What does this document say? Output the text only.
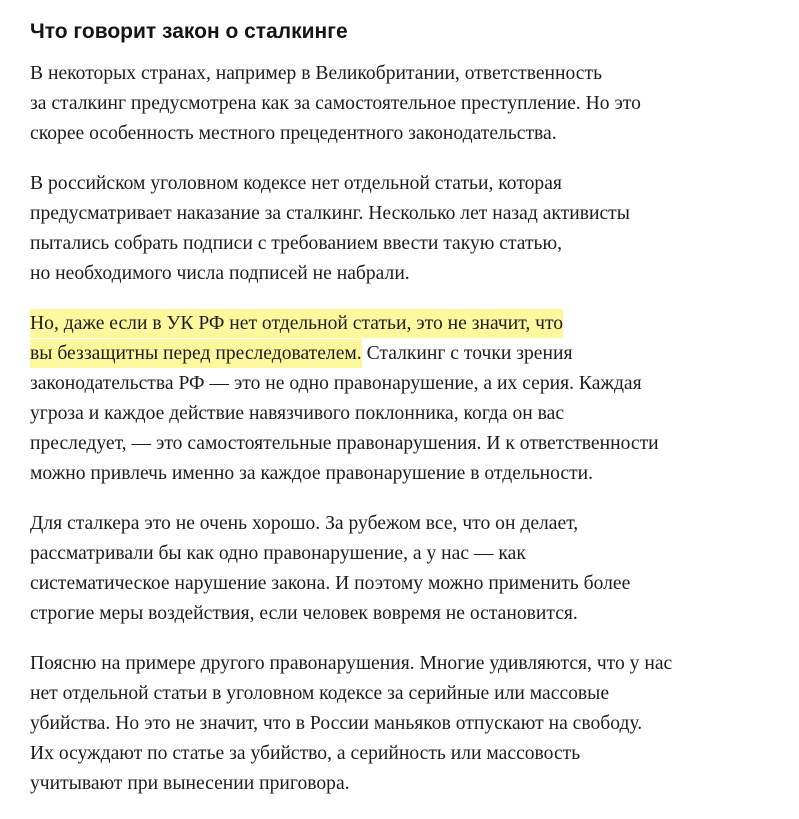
Что говорит закон о сталкинге

В некоторых странах, например в Великобритании, ответственность
за сталкинг предусмотрена как за самостоятельное преступление. Но это
скорее особенность местного прецедентного законодательства.

В российском уголовном кодексе нет отдельной статьи, которая
предусматривает наказание за сталкинг. Несколько лет назад активисты
пытались собрать подписи с требованием ввести такую статью,
но необходимого числа подписей не набрали.

Но, даже если в УК РФ нет отдельной статьи, это не значит, что
вы беззащитны перед преследователем. Сталкинг с точки зрения
законодательства РФ — это не одно правонарушение, а их серия. Каждая
угроза и каждое действие навязчивого поклонника, когда он вас
преследует, — это самостоятельные правонарушения. И к ответственности
можно привлечь именно за каждое правонарушение в отдельности.

Для сталкера это не очень хорошо. За рубежом все, что он делает,
рассматривали бы как одно правонарушение, а у нас — как
систематическое нарушение закона. И поэтому можно применить более
строгие меры воздействия, если человек вовремя не остановится.

Поясню на примере другого правонарушения. Многие удивляются, что у нас
нет отдельной статьи в уголовном кодексе за серийные или массовые
убийства. Но это не значит, что в России маньяков отпускают на свободу.
Их осуждают по статье за убийство, а серийность или массовость
учитывают при вынесении приговора.
